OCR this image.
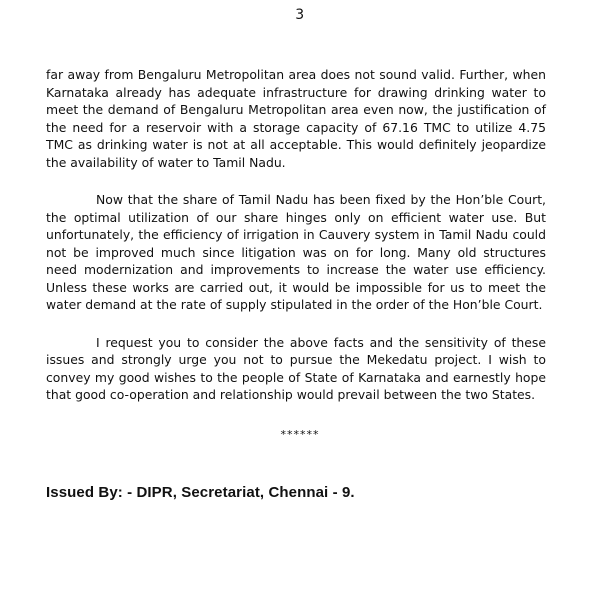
3

far away from Bengaluru Metropolitan area does not sound valid. Further, when Karnataka already has adequate infrastructure for drawing drinking water to meet the demand of Bengaluru Metropolitan area even now, the justification of the need for a reservoir with a storage capacity of 67.16 TMC to utilize 4.75 TMC as drinking water is not at all acceptable. This would definitely jeopardize the availability of water to Tamil Nadu.

Now that the share of Tamil Nadu has been fixed by the Hon’ble Court, the optimal utilization of our share hinges only on efficient water use. But unfortunately, the efficiency of irrigation in Cauvery system in Tamil Nadu could not be improved much since litigation was on for long. Many old structures need modernization and improvements to increase the water use efficiency. Unless these works are carried out, it would be impossible for us to meet the water demand at the rate of supply stipulated in the order of the Hon’ble Court.

I request you to consider the above facts and the sensitivity of these issues and strongly urge you not to pursue the Mekedatu project. I wish to convey my good wishes to the people of State of Karnataka and earnestly hope that good co-operation and relationship would prevail between the two States.

******
Issued By: - DIPR, Secretariat, Chennai - 9.
